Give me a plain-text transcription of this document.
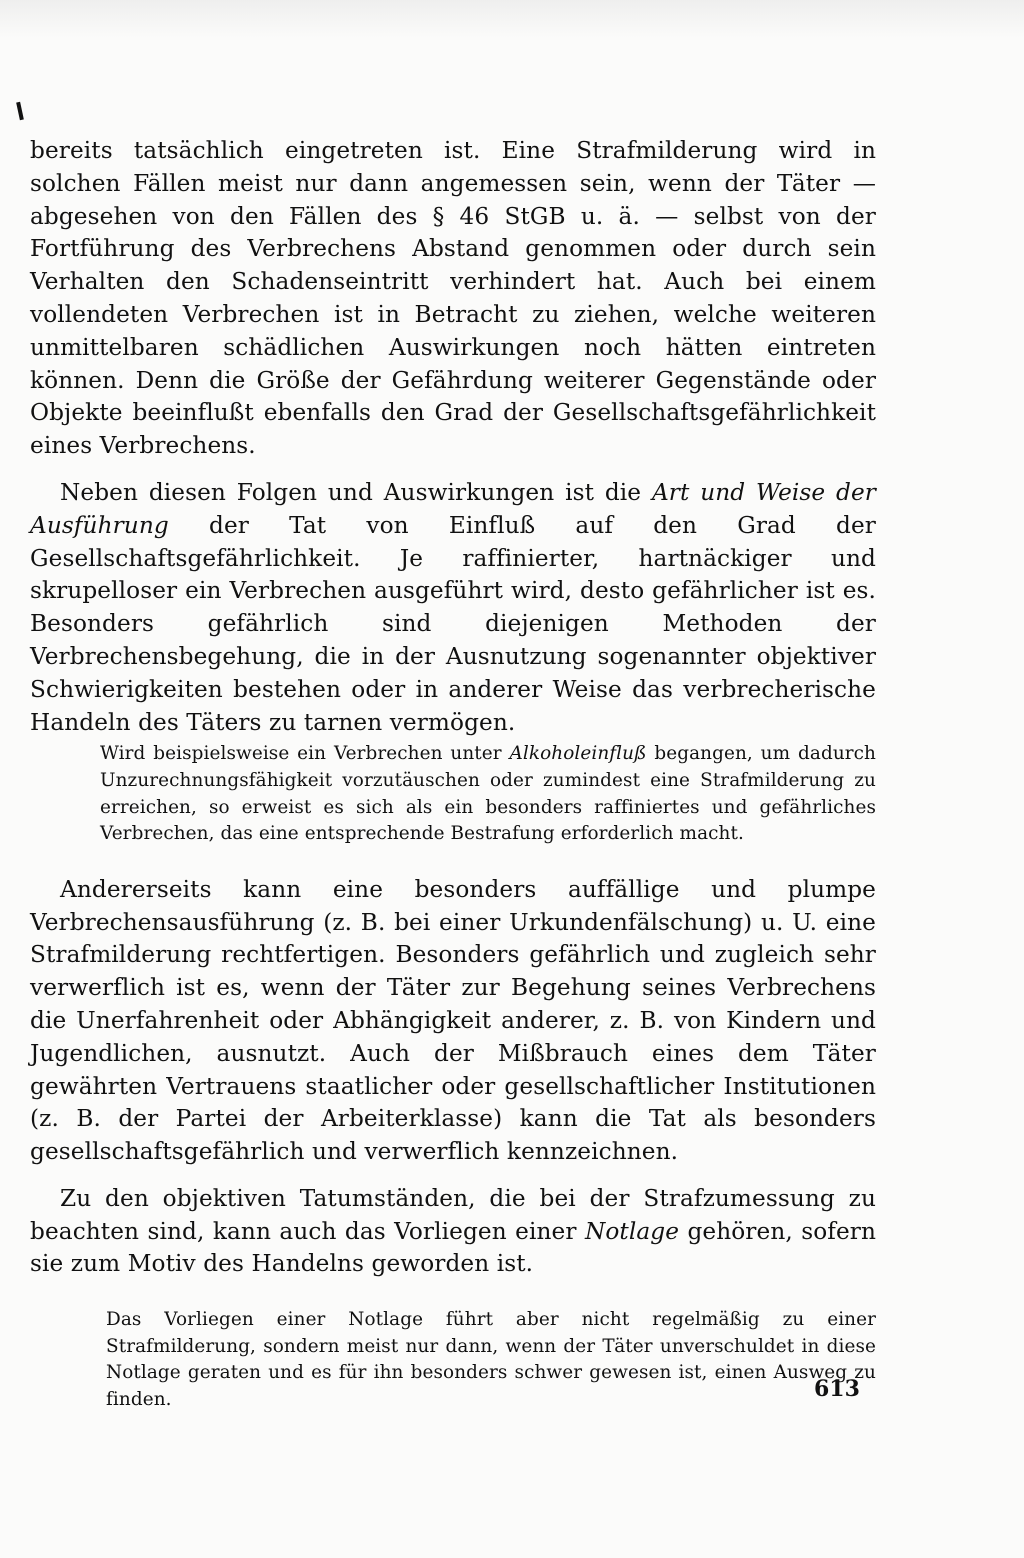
bereits tatsächlich eingetreten ist. Eine Strafmilderung wird in solchen Fällen meist nur dann angemessen sein, wenn der Täter — abgesehen von den Fällen des § 46 StGB u. ä. — selbst von der Fortführung des Verbrechens Abstand genommen oder durch sein Verhalten den Schadenseintritt verhindert hat. Auch bei einem vollendeten Verbrechen ist in Betracht zu ziehen, welche weiteren unmittelbaren schädlichen Auswirkungen noch hätten eintreten können. Denn die Größe der Gefährdung weiterer Gegenstände oder Objekte beeinflußt ebenfalls den Grad der Gesellschaftsgefährlichkeit eines Verbrechens.

Neben diesen Folgen und Auswirkungen ist die Art und Weise der Ausführung der Tat von Einfluß auf den Grad der Gesellschaftsgefährlichkeit. Je raffinierter, hartnäckiger und skrupelloser ein Verbrechen ausgeführt wird, desto gefährlicher ist es. Besonders gefährlich sind diejenigen Methoden der Verbrechensbegehung, die in der Ausnutzung sogenannter objektiver Schwierigkeiten bestehen oder in anderer Weise das verbrecherische Handeln des Täters zu tarnen vermögen.

Wird beispielsweise ein Verbrechen unter Alkoholeinfluß begangen, um dadurch Unzurechnungsfähigkeit vorzutäuschen oder zumindest eine Strafmilderung zu erreichen, so erweist es sich als ein besonders raffiniertes und gefährliches Verbrechen, das eine entsprechende Bestrafung erforderlich macht.

Andererseits kann eine besonders auffällige und plumpe Verbrechensausführung (z. B. bei einer Urkundenfälschung) u. U. eine Strafmilderung rechtfertigen. Besonders gefährlich und zugleich sehr verwerflich ist es, wenn der Täter zur Begehung seines Verbrechens die Unerfahrenheit oder Abhängigkeit anderer, z. B. von Kindern und Jugendlichen, ausnutzt. Auch der Mißbrauch eines dem Täter gewährten Vertrauens staatlicher oder gesellschaftlicher Institutionen (z. B. der Partei der Arbeiterklasse) kann die Tat als besonders gesellschaftsgefährlich und verwerflich kennzeichnen.

Zu den objektiven Tatumständen, die bei der Strafzumessung zu beachten sind, kann auch das Vorliegen einer Notlage gehören, sofern sie zum Motiv des Handelns geworden ist.

Das Vorliegen einer Notlage führt aber nicht regelmäßig zu einer Strafmilderung, sondern meist nur dann, wenn der Täter unverschuldet in diese Notlage geraten und es für ihn besonders schwer gewesen ist, einen Ausweg zu finden.	613
